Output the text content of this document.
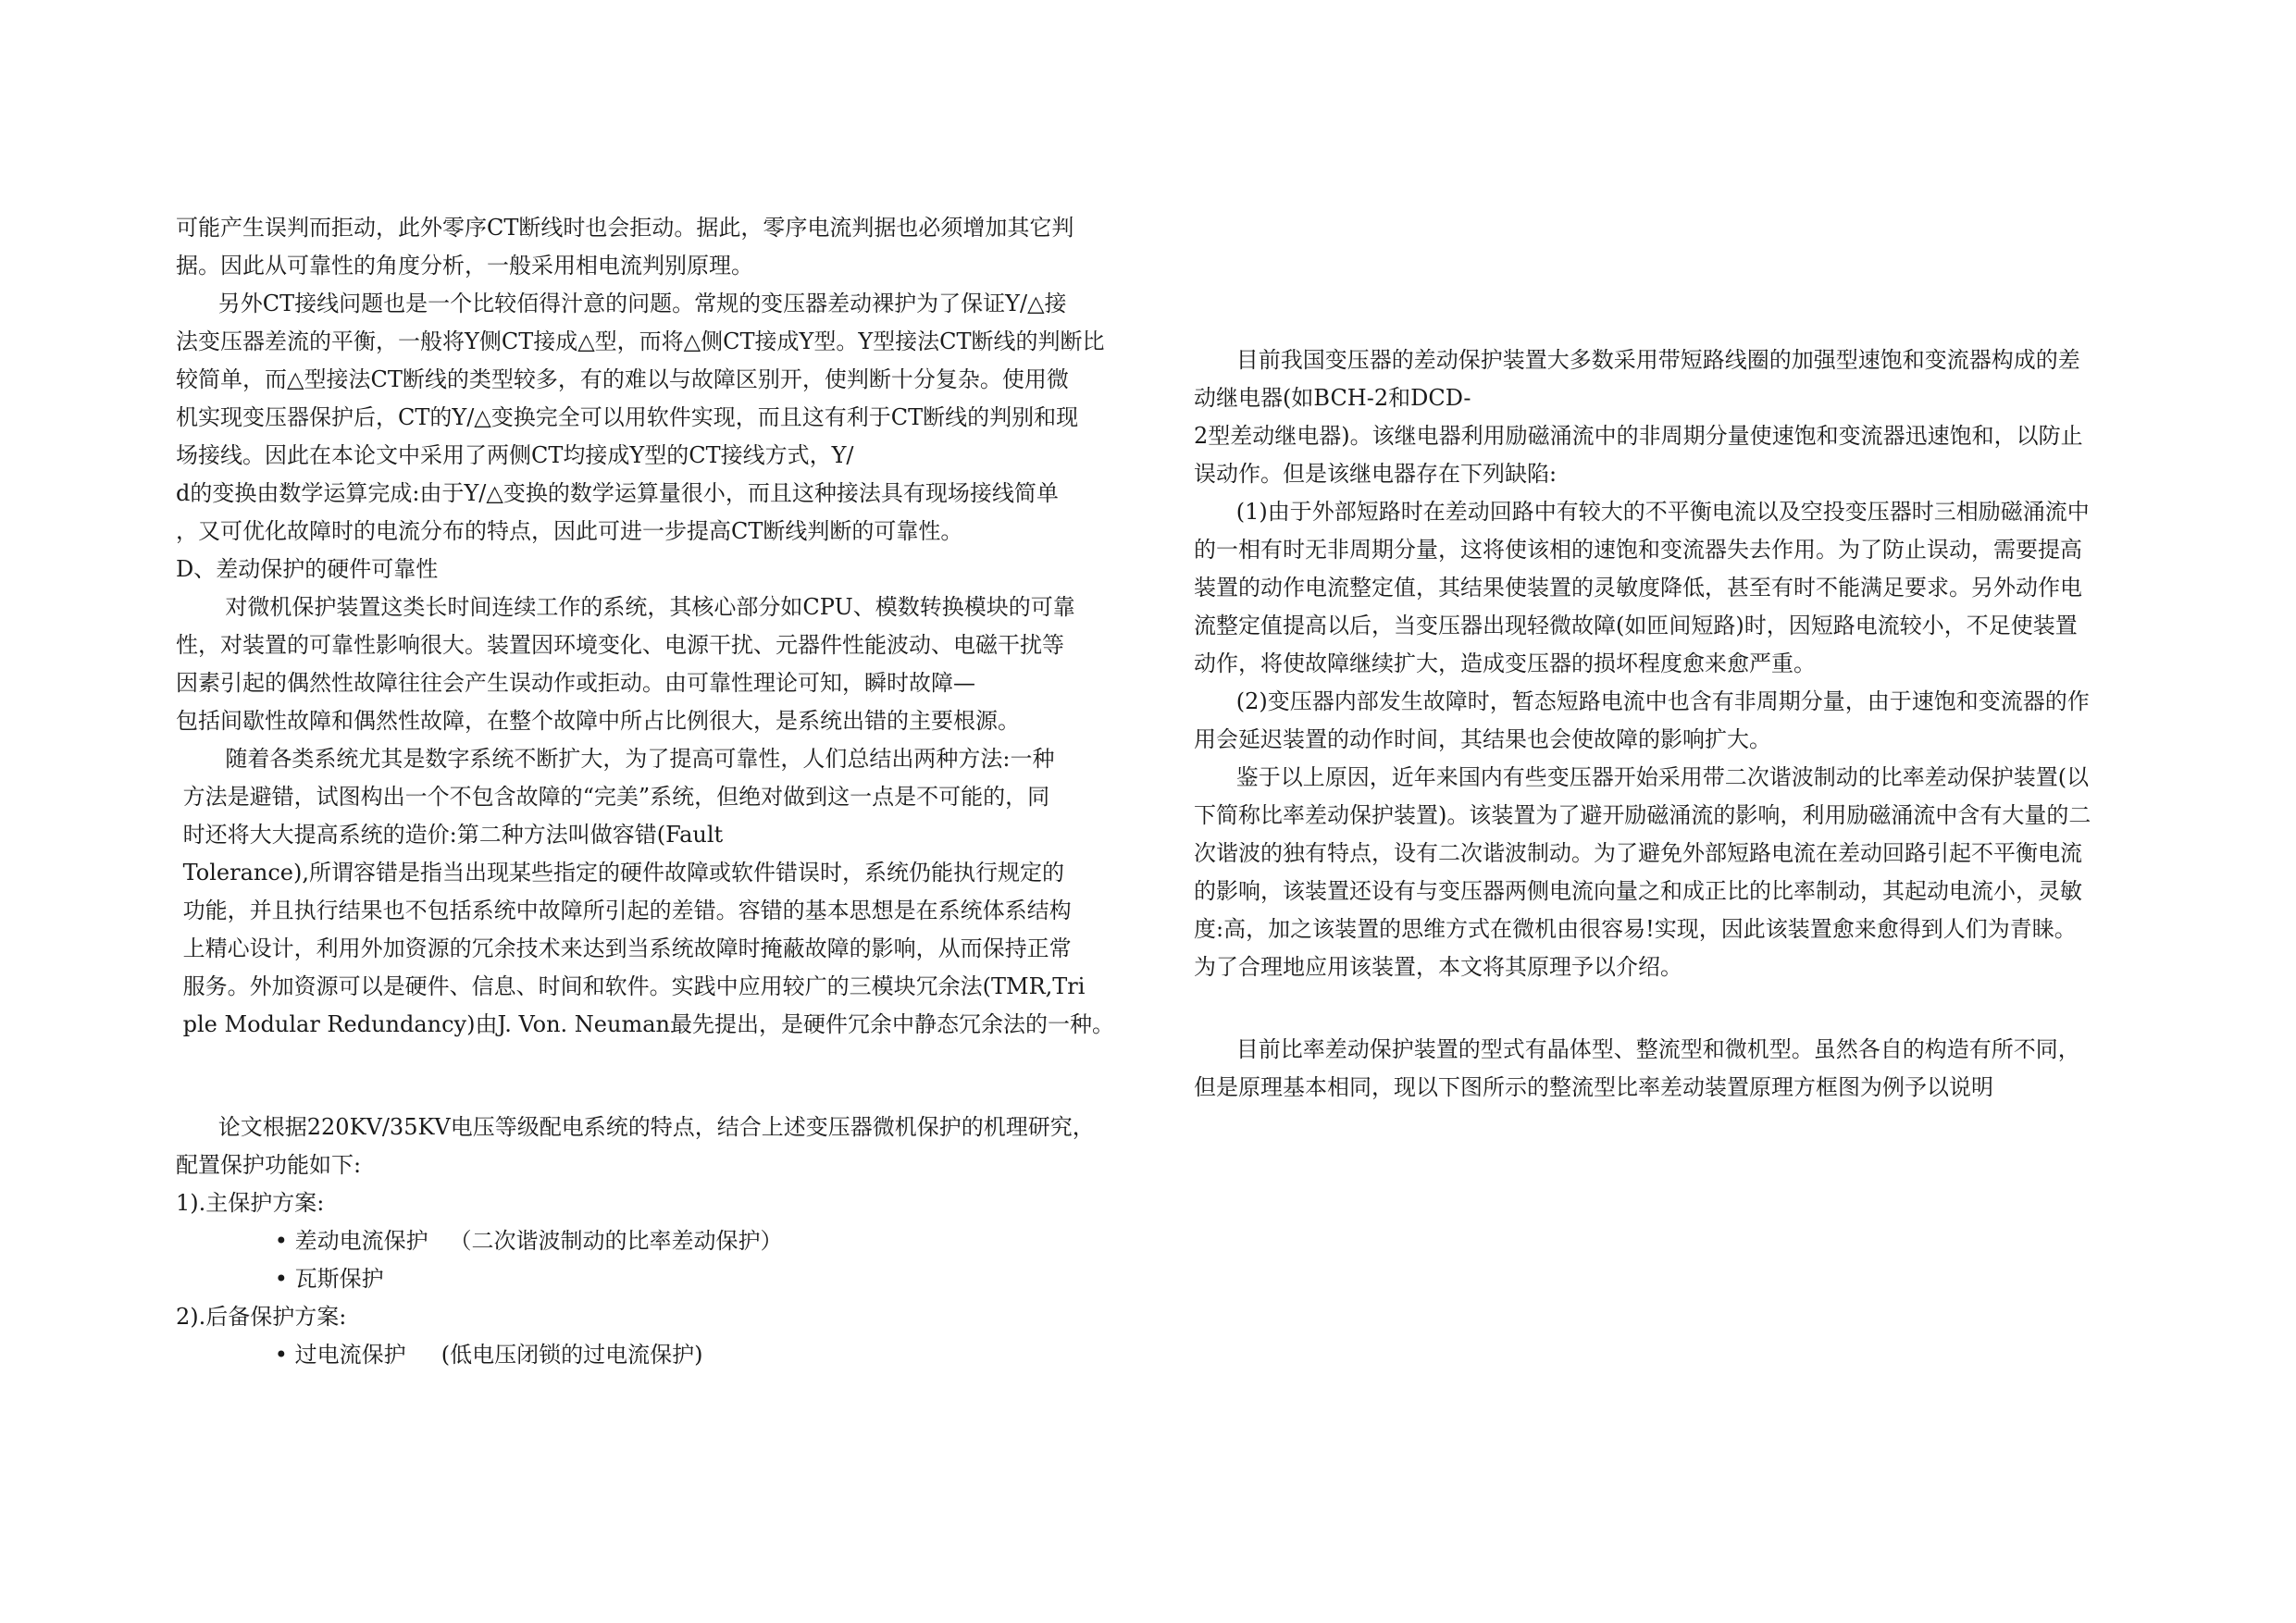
可能产生误判而拒动，此外零序CT断线时也会拒动。据此，零序电流判据也必须增加其它判
据。因此从可靠性的角度分析，一般采用相电流判别原理。
另外CT接线问题也是一个比较佰得汁意的问题。常规的变压器差动裸护为了保证Y/△接
法变压器差流的平衡，一般将Y侧CT接成△型，而将△侧CT接成Y型。Y型接法CT断线的判断比
较简单，而△型接法CT断线的类型较多，有的难以与故障区别开，使判断十分复杂。使用微
机实现变压器保护后，CT的Y/△变换完全可以用软件实现，而且这有利于CT断线的判别和现
场接线。因此在本论文中采用了两侧CT均接成Y型的CT接线方式，Y/
d的变换由数学运算完成:由于Y/△变换的数学运算量很小，而且这种接法具有现场接线简单
，又可优化故障时的电流分布的特点，因此可进一步提高CT断线判断的可靠性。
D、差动保护的硬件可靠性
对微机保护装置这类长时间连续工作的系统，其核心部分如CPU、模数转换模块的可靠
性，对装置的可靠性影响很大。装置因环境变化、电源干扰、元器件性能波动、电磁干扰等
因素引起的偶然性故障往往会产生误动作或拒动。由可靠性理论可知，瞬时故障—
包括间歇性故障和偶然性故障，在整个故障中所占比例很大，是系统出错的主要根源。
随着各类系统尤其是数字系统不断扩大，为了提高可靠性，人们总结出两种方法:一种
方法是避错，试图构出一个不包含故障的“完美”系统，但绝对做到这一点是不可能的，同
时还将大大提高系统的造价:第二种方法叫做容错(Fault
Tolerance),所谓容错是指当出现某些指定的硬件故障或软件错误时，系统仍能执行规定的
功能，并且执行结果也不包括系统中故障所引起的差错。容错的基本思想是在系统体系结构
上精心设计，利用外加资源的冗余技术来达到当系统故障时掩蔽故障的影响，从而保持正常
服务。外加资源可以是硬件、信息、时间和软件。实践中应用较广的三模块冗余法(TMR,Tri
ple Modular Redundancy)由J. Von. Neuman最先提出，是硬件冗余中静态冗余法的一种。
论文根据220KV/35KV电压等级配电系统的特点，结合上述变压器微机保护的机理研究，
配置保护功能如下:
1).主保护方案:
• 差动电流保护   （二次谐波制动的比率差动保护）
• 瓦斯保护
2).后备保护方案:
• 过电流保护     (低电压闭锁的过电流保护)
目前我国变压器的差动保护装置大多数采用带短路线圈的加强型速饱和变流器构成的差
动继电器(如BCH-2和DCD-
2型差动继电器)。该继电器利用励磁涌流中的非周期分量使速饱和变流器迅速饱和，以防止
误动作。但是该继电器存在下列缺陷:
(1)由于外部短路时在差动回路中有较大的不平衡电流以及空投变压器时三相励磁涌流中
的一相有时无非周期分量，这将使该相的速饱和变流器失去作用。为了防止误动，需要提高
装置的动作电流整定值，其结果使装置的灵敏度降低，甚至有时不能满足要求。另外动作电
流整定值提高以后，当变压器出现轻微故障(如匝间短路)时，因短路电流较小，不足使装置
动作，将使故障继续扩大，造成变压器的损坏程度愈来愈严重。
(2)变压器内部发生故障时，暂态短路电流中也含有非周期分量，由于速饱和变流器的作
用会延迟装置的动作时间，其结果也会使故障的影响扩大。
鉴于以上原因，近年来国内有些变压器开始采用带二次谐波制动的比率差动保护装置(以
下简称比率差动保护装置)。该装置为了避开励磁涌流的影响，利用励磁涌流中含有大量的二
次谐波的独有特点，设有二次谐波制动。为了避免外部短路电流在差动回路引起不平衡电流
的影响，该装置还设有与变压器两侧电流向量之和成正比的比率制动，其起动电流小，灵敏
度:高，加之该装置的思维方式在微机由很容易!实现，因此该装置愈来愈得到人们为青睐。
为了合理地应用该装置，本文将其原理予以介绍。
目前比率差动保护装置的型式有晶体型、整流型和微机型。虽然各自的构造有所不同，
但是原理基本相同，现以下图所示的整流型比率差动装置原理方框图为例予以说明
